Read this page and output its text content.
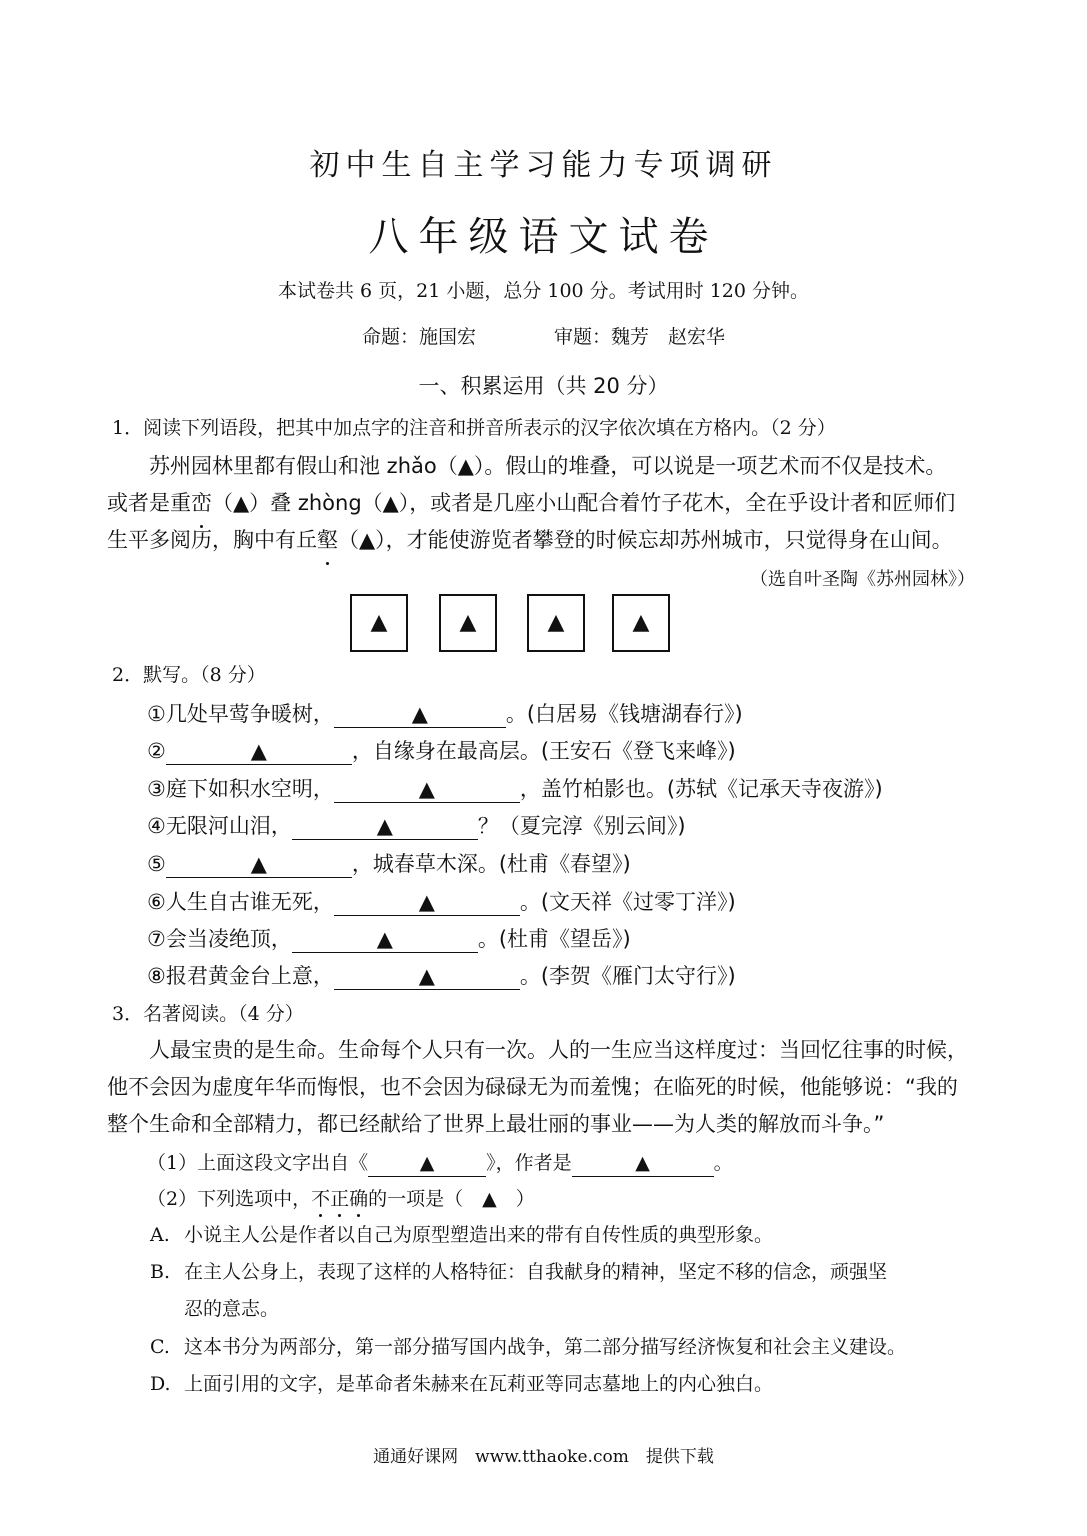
初中生自主学习能力专项调研
八年级语文试卷
本试卷共 6 页，21 小题，总分 100 分。考试用时 120 分钟。
命题：施国宏	审题：魏芳　赵宏华
一、积累运用（共 20 分）
1．阅读下列语段，把其中加点字的注音和拼音所表示的汉字依次填在方格内。（2 分）
苏州园林里都有假山和池 zhǎo（▲）。假山的堆叠，可以说是一项艺术而不仅是技术。
或者是重峦（▲）叠 zhòng（▲），或者是几座小山配合着竹子花木，全在乎设计者和匠师们
生平多阅历，胸中有丘壑（▲），才能使游览者攀登的时候忘却苏州城市，只觉得身在山间。
（选自叶圣陶《苏州园林》）
▲	▲	▲	▲
2．默写。（8 分）
①几处早莺争暖树，	▲	。(白居易《钱塘湖春行》)
②	▲	，自缘身在最高层。(王安石《登飞来峰》)
③庭下如积水空明，	▲	，盖竹柏影也。(苏轼《记承天寺夜游》)
④无限河山泪，	▲	？（夏完淳《别云间》)
⑤	▲	，城春草木深。(杜甫《春望》)
⑥人生自古谁无死，	▲	。(文天祥《过零丁洋》)
⑦会当凌绝顶，	▲	。(杜甫《望岳》)
⑧报君黄金台上意，	▲	。(李贺《雁门太守行》)
3．名著阅读。（4 分）
人最宝贵的是生命。生命每个人只有一次。人的一生应当这样度过：当回忆往事的时候，
他不会因为虚度年华而悔恨，也不会因为碌碌无为而羞愧；在临死的时候，他能够说：“我的
整个生命和全部精力，都已经献给了世界上最壮丽的事业——为人类的解放而斗争。”
（1）上面这段文字出自《	▲	》，作者是	▲	。
（2）下列选项中，不正确的一项是（　▲　）
A. 小说主人公是作者以自己为原型塑造出来的带有自传性质的典型形象。
B. 在主人公身上，表现了这样的人格特征：自我献身的精神，坚定不移的信念，顽强坚
忍的意志。
C. 这本书分为两部分，第一部分描写国内战争，第二部分描写经济恢复和社会主义建设。
D. 上面引用的文字，是革命者朱赫来在瓦莉亚等同志墓地上的内心独白。
通通好课网　www.tthaoke.com　提供下载
